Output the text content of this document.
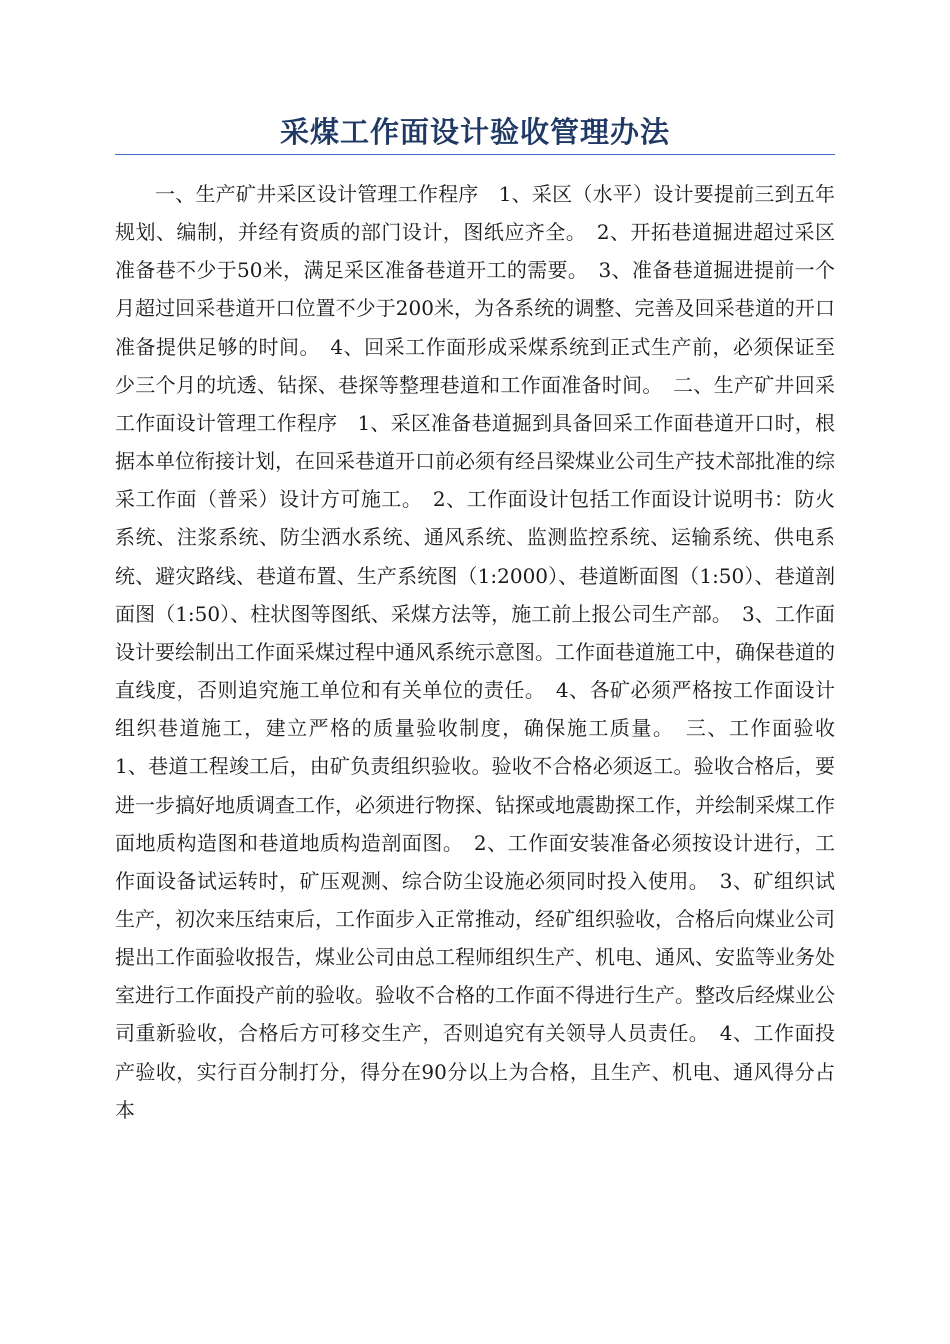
采煤工作面设计验收管理办法

一、生产矿井采区设计管理工作程序　1、采区（水平）设计要提前三到五年规划、编制，并经有资质的部门设计，图纸应齐全。　2、开拓巷道掘进超过采区准备巷不少于50米，满足采区准备巷道开工的需要。　3、准备巷道掘进提前一个月超过回采巷道开口位置不少于200米，为各系统的调整、完善及回采巷道的开口准备提供足够的时间。　4、回采工作面形成采煤系统到正式生产前，必须保证至少三个月的坑透、钻探、巷探等整理巷道和工作面准备时间。　二、生产矿井回采工作面设计管理工作程序　1、采区准备巷道掘到具备回采工作面巷道开口时，根据本单位衔接计划，在回采巷道开口前必须有经吕梁煤业公司生产技术部批准的综采工作面（普采）设计方可施工。　2、工作面设计包括工作面设计说明书：防火系统、注浆系统、防尘洒水系统、通风系统、监测监控系统、运输系统、供电系统、避灾路线、巷道布置、生产系统图（1:2000）、巷道断面图（1:50）、巷道剖面图（1:50）、柱状图等图纸、采煤方法等，施工前上报公司生产部。　3、工作面设计要绘制出工作面采煤过程中通风系统示意图。工作面巷道施工中，确保巷道的直线度，否则追究施工单位和有关单位的责任。　4、各矿必须严格按工作面设计组织巷道施工，建立严格的质量验收制度，确保施工质量。　三、工作面验收　1、巷道工程竣工后，由矿负责组织验收。验收不合格必须返工。验收合格后，要进一步搞好地质调查工作，必须进行物探、钻探或地震勘探工作，并绘制采煤工作面地质构造图和巷道地质构造剖面图。　2、工作面安装准备必须按设计进行，工作面设备试运转时，矿压观测、综合防尘设施必须同时投入使用。　3、矿组织试生产，初次来压结束后，工作面步入正常推动，经矿组织验收，合格后向煤业公司提出工作面验收报告，煤业公司由总工程师组织生产、机电、通风、安监等业务处室进行工作面投产前的验收。验收不合格的工作面不得进行生产。整改后经煤业公司重新验收，合格后方可移交生产，否则追究有关领导人员责任。　4、工作面投产验收，实行百分制打分，得分在90分以上为合格，且生产、机电、通风得分占本
